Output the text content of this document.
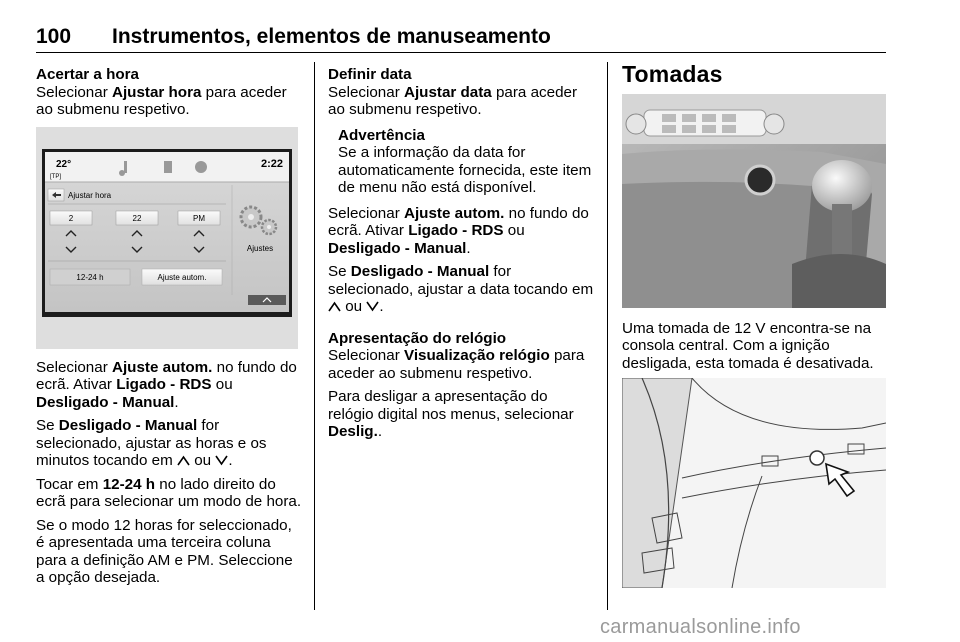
100	Instrumentos, elementos de manuseamento

Acertar a hora

Selecionar Ajustar hora para aceder ao submenu respetivo.

22°
[TP]
2:22
Ajustar hora
2	22	PM
12-24 h	Ajuste autom.
Ajustes

Selecionar Ajuste autom. no fundo do ecrã. Ativar Ligado - RDS ou Desligado - Manual.

Se Desligado - Manual for selecionado, ajustar as horas e os minutos tocando em  ou .

Tocar em 12-24 h no lado direito do ecrã para selecionar um modo de hora.

Se o modo 12 horas for seleccionado, é apresentada uma terceira coluna para a definição AM e PM. Seleccione a opção desejada.

Definir data

Selecionar Ajustar data para aceder ao submenu respetivo.

Advertência
Se a informação da data for automaticamente fornecida, este item de menu não está disponível.

Selecionar Ajuste autom. no fundo do ecrã. Ativar Ligado - RDS ou Desligado - Manual.

Se Desligado - Manual for selecionado, ajustar a data tocando em  ou .

Apresentação do relógio

Selecionar Visualização relógio para aceder ao submenu respetivo.

Para desligar a apresentação do relógio digital nos menus, selecionar Deslig..

Tomadas

Uma tomada de 12 V encontra-se na consola central. Com a ignição desligada, esta tomada é desativada.

carmanualsonline.info
